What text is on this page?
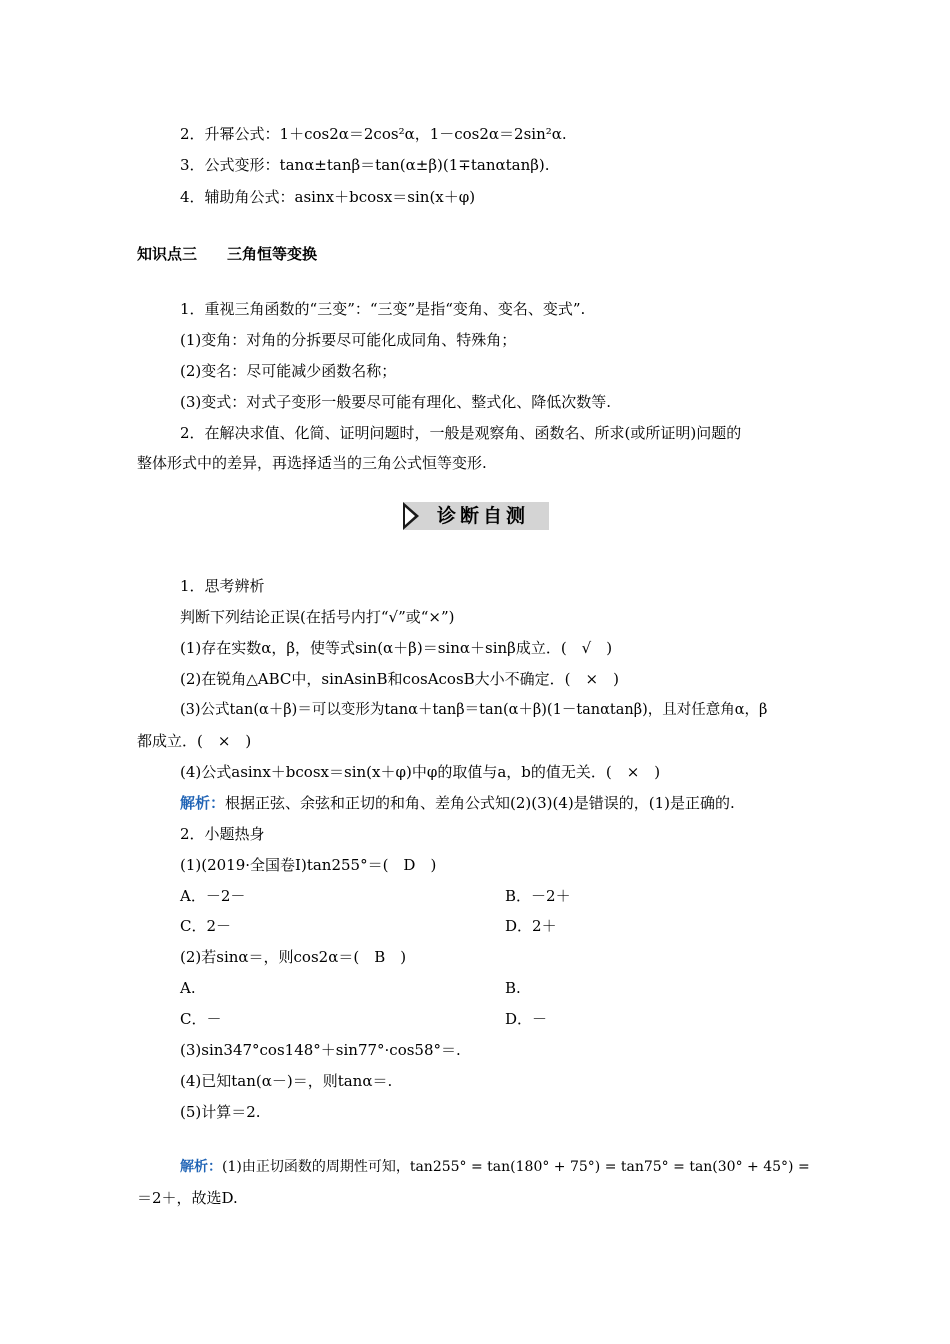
2．升幂公式：1＋cos2α＝2cos²α，1－cos2α＝2sin²α.
3．公式变形：tanα±tanβ＝tan(α±β)(1∓tanαtanβ).
4．辅助角公式：asinx＋bcosx＝sin(x＋φ)
知识点三　　三角恒等变换
1．重视三角函数的“三变”：“三变”是指“变角、变名、变式”.
(1)变角：对角的分拆要尽可能化成同角、特殊角；
(2)变名：尽可能减少函数名称；
(3)变式：对式子变形一般要尽可能有理化、整式化、降低次数等.
2．在解决求值、化简、证明问题时，一般是观察角、函数名、所求(或所证明)问题的
整体形式中的差异，再选择适当的三角公式恒等变形.
诊断自测
1．思考辨析
判断下列结论正误(在括号内打“√”或“×”)
(1)存在实数α，β，使等式sin(α＋β)＝sinα＋sinβ成立．(　√　)
(2)在锐角△ABC中，sinAsinB和cosAcosB大小不确定．(　×　)
(3)公式tan(α＋β)＝可以变形为tanα＋tanβ＝tan(α＋β)(1－tanαtanβ)，且对任意角α，β
都成立．(　×　)
(4)公式asinx＋bcosx＝sin(x＋φ)中φ的取值与a，b的值无关．(　×　)
解析：根据正弦、余弦和正切的和角、差角公式知(2)(3)(4)是错误的，(1)是正确的.
2．小题热身
(1)(2019·全国卷Ⅰ)tan255°＝(　D　)
A．－2－	B．－2＋
C．2－	D．2＋
(2)若sinα＝，则cos2α＝(　B　)
A.	B.
C．－	D．－
(3)sin347°cos148°＋sin77°·cos58°＝.
(4)已知tan(α－)＝，则tanα＝.
(5)计算＝2.
解析：(1)由正切函数的周期性可知，tan255° = tan(180° + 75°) = tan75° = tan(30° + 45°) =
＝2＋，故选D.
